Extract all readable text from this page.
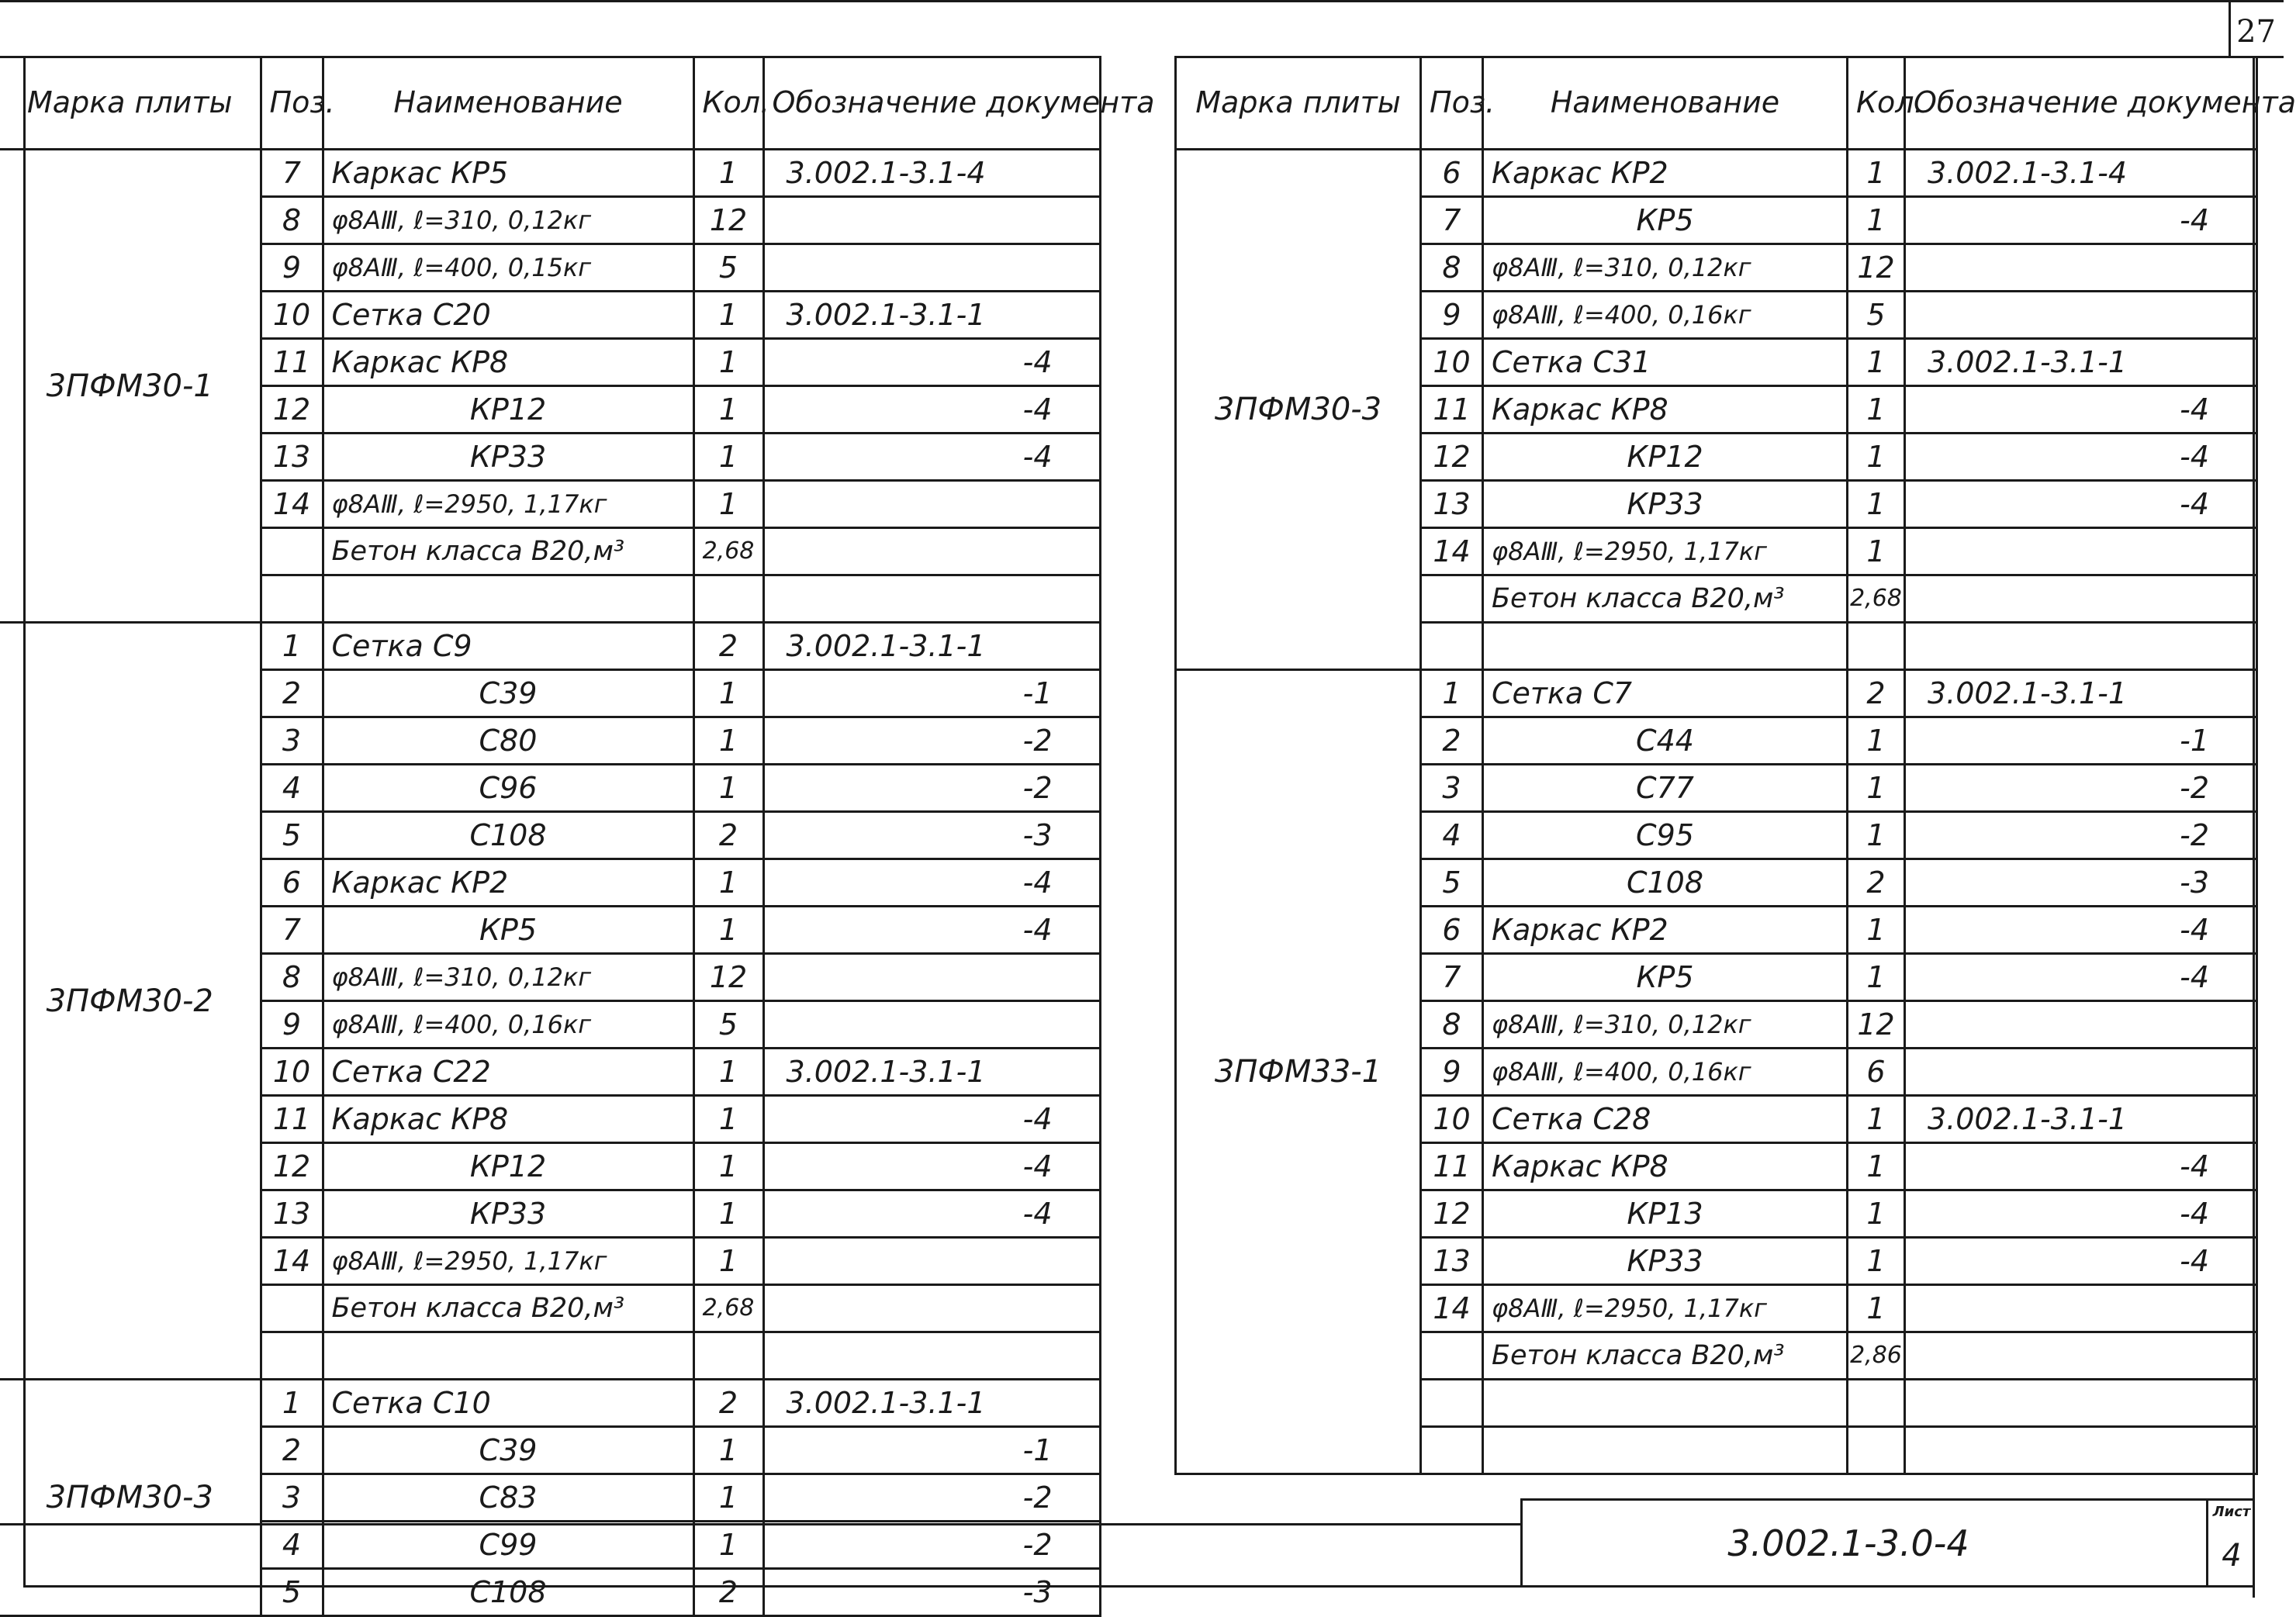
27
Марка плиты	Поз.	Наименование	Кол.	Обозначение документа
3ПФМ30-1	7	Каркас КР5	1	3.002.1-3.1-4
	8	φ8АⅢ, ℓ=310, 0,12кг	12	
	9	φ8АⅢ, ℓ=400, 0,15кг	5	
	10	Сетка С20	1	3.002.1-3.1-1
	11	Каркас КР8	1	-4
	12	КР12	1	-4
	13	КР33	1	-4
	14	φ8АⅢ, ℓ=2950, 1,17кг	1	
		Бетон класса В20,м³	2,68	

3ПФМ30-2	1	Сетка С9	2	3.002.1-3.1-1
	2	С39	1	-1
	3	С80	1	-2
	4	С96	1	-2
	5	С108	2	-3
	6	Каркас КР2	1	-4
	7	КР5	1	-4
	8	φ8АⅢ, ℓ=310, 0,12кг	12	
	9	φ8АⅢ, ℓ=400, 0,16кг	5	
	10	Сетка С22	1	3.002.1-3.1-1
	11	Каркас КР8	1	-4
	12	КР12	1	-4
	13	КР33	1	-4
	14	φ8АⅢ, ℓ=2950, 1,17кг	1	
		Бетон класса В20,м³	2,68	

3ПФМ30-3	1	Сетка С10	2	3.002.1-3.1-1
	2	С39	1	-1
	3	С83	1	-2
	4	С99	1	-2
	5	С108	2	-3
Марка плиты	Поз.	Наименование	Кол.	Обозначение документа
3ПФМ30-3	6	Каркас КР2	1	3.002.1-3.1-4
	7	КР5	1	-4
	8	φ8АⅢ, ℓ=310, 0,12кг	12	
	9	φ8АⅢ, ℓ=400, 0,16кг	5	
	10	Сетка С31	1	3.002.1-3.1-1
	11	Каркас КР8	1	-4
	12	КР12	1	-4
	13	КР33	1	-4
	14	φ8АⅢ, ℓ=2950, 1,17кг	1	
		Бетон класса В20,м³	2,68	

3ПФМ33-1	1	Сетка С7	2	3.002.1-3.1-1
	2	С44	1	-1
	3	С77	1	-2
	4	С95	1	-2
	5	С108	2	-3
	6	Каркас КР2	1	-4
	7	КР5	1	-4
	8	φ8АⅢ, ℓ=310, 0,12кг	12	
	9	φ8АⅢ, ℓ=400, 0,16кг	6	
	10	Сетка С28	1	3.002.1-3.1-1
	11	Каркас КР8	1	-4
	12	КР13	1	-4
	13	КР33	1	-4
	14	φ8АⅢ, ℓ=2950, 1,17кг	1	
		Бетон класса В20,м³	2,86	

3.002.1-3.0-4
Лист
4
